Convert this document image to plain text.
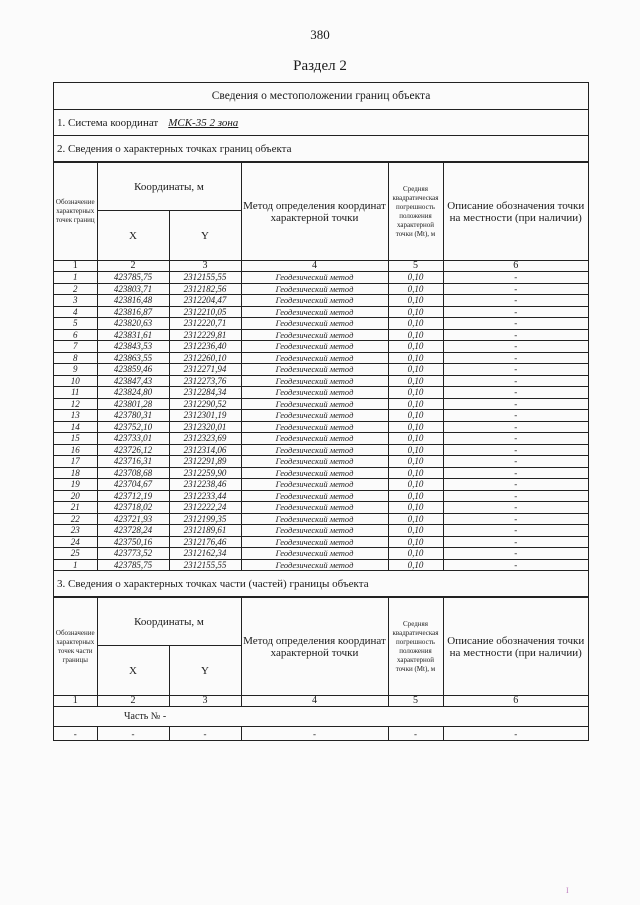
380
Раздел 2
Сведения о местоположении границ объекта
1. Система координат МСК-35 2 зона
2. Сведения о характерных точках границ объекта
Обозначение характерных точек границ	Координаты, м		Метод определения координат характерной точки	Средняя квадратическая погрешность положения характерной точки (Mt), м	Описание обозначения точки на местности (при наличии)
	X	Y			
1	2	3	4	5	6
1	423785,75	2312155,55	Геодезический метод	0,10	-
2	423803,71	2312182,56	Геодезический метод	0,10	-
3	423816,48	2312204,47	Геодезический метод	0,10	-
4	423816,87	2312210,05	Геодезический метод	0,10	-
5	423820,63	2312220,71	Геодезический метод	0,10	-
6	423831,61	2312229,81	Геодезический метод	0,10	-
7	423843,53	2312236,40	Геодезический метод	0,10	-
8	423863,55	2312260,10	Геодезический метод	0,10	-
9	423859,46	2312271,94	Геодезический метод	0,10	-
10	423847,43	2312273,76	Геодезический метод	0,10	-
11	423824,80	2312284,34	Геодезический метод	0,10	-
12	423801,28	2312290,52	Геодезический метод	0,10	-
13	423780,31	2312301,19	Геодезический метод	0,10	-
14	423752,10	2312320,01	Геодезический метод	0,10	-
15	423733,01	2312323,69	Геодезический метод	0,10	-
16	423726,12	2312314,06	Геодезический метод	0,10	-
17	423716,31	2312291,89	Геодезический метод	0,10	-
18	423708,68	2312259,90	Геодезический метод	0,10	-
19	423704,67	2312238,46	Геодезический метод	0,10	-
20	423712,19	2312233,44	Геодезический метод	0,10	-
21	423718,02	2312222,24	Геодезический метод	0,10	-
22	423721,93	2312199,35	Геодезический метод	0,10	-
23	423728,24	2312189,61	Геодезический метод	0,10	-
24	423750,16	2312176,46	Геодезический метод	0,10	-
25	423773,52	2312162,34	Геодезический метод	0,10	-
1	423785,75	2312155,55	Геодезический метод	0,10	-
3. Сведения о характерных точках части (частей) границы объекта
Обозначение характерных точек части границы	Координаты, м		Метод определения координат характерной точки	Средняя квадратическая погрешность положения характерной точки (Mt), м	Описание обозначения точки на местности (при наличии)
	X	Y			
1	2	3	4	5	6
Часть № -					
-	-	-	-	-	-
I
